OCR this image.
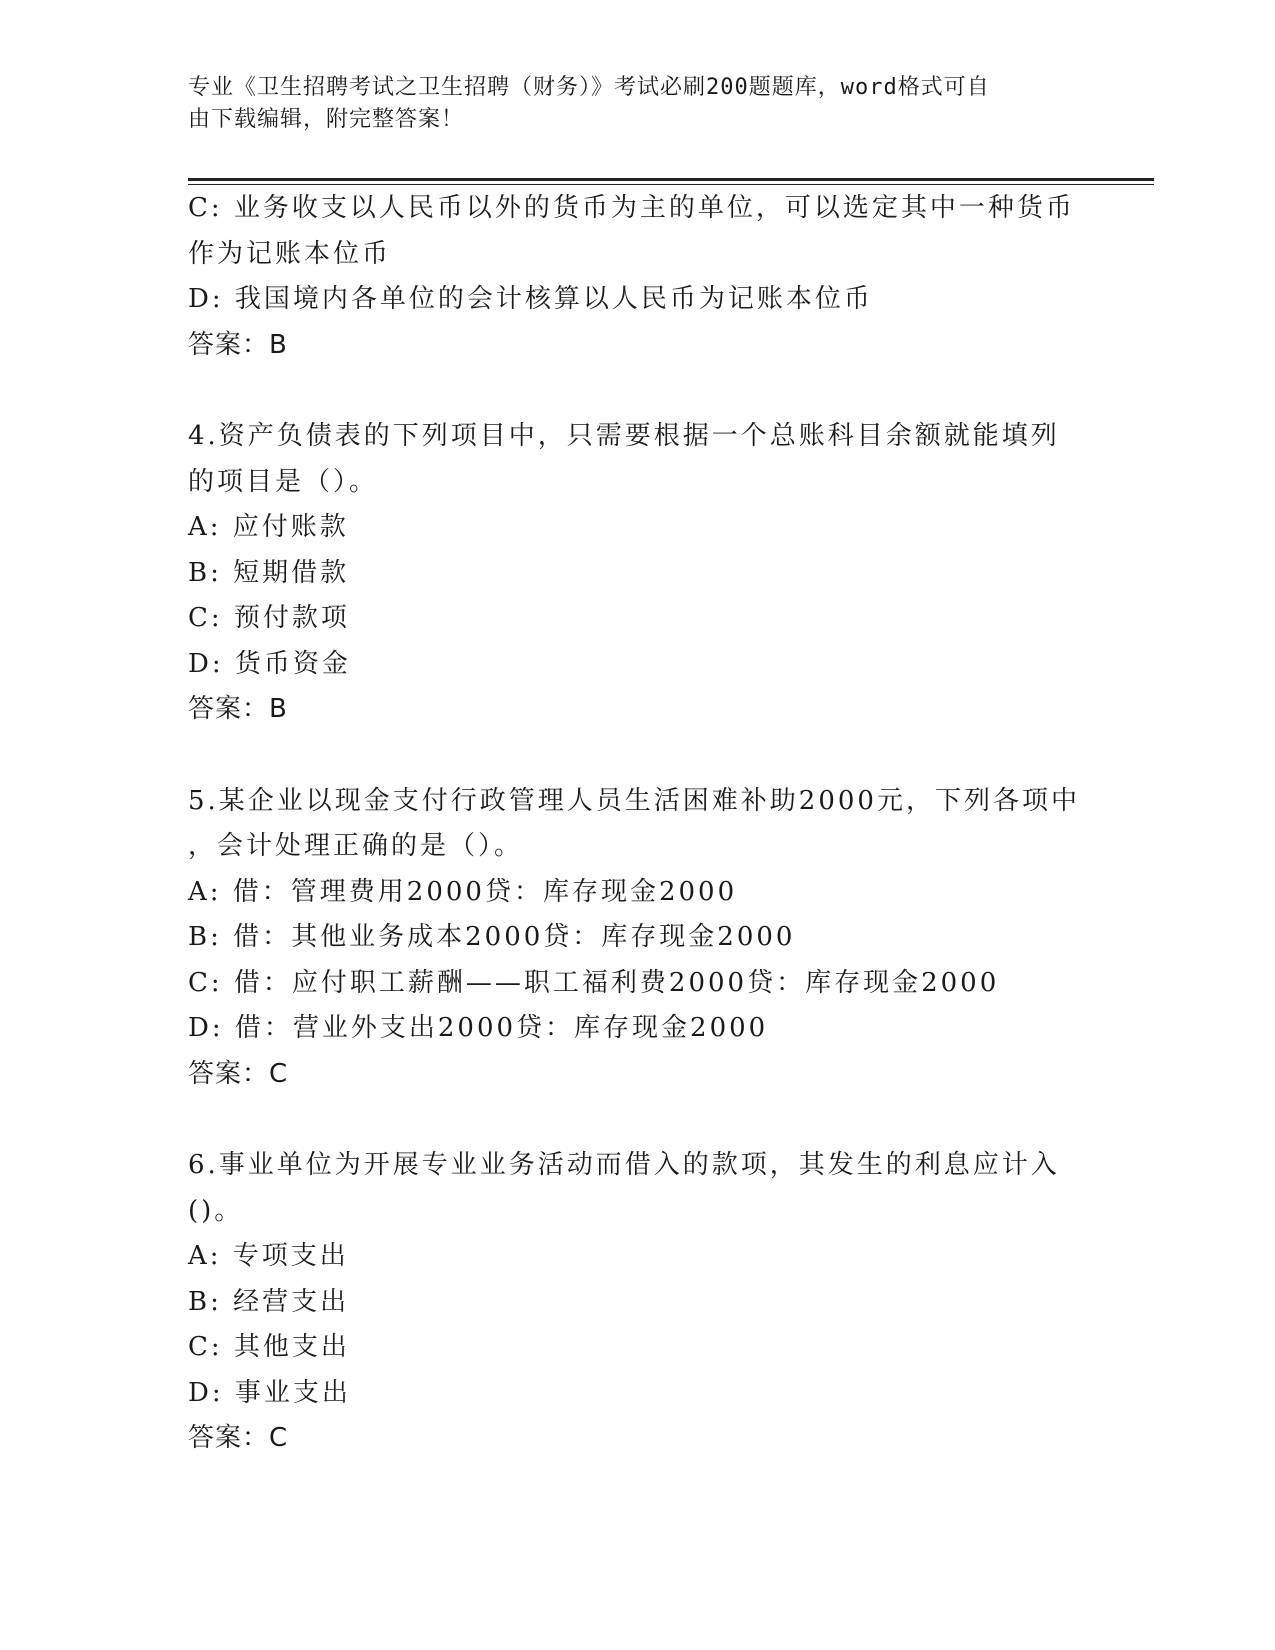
专业《卫生招聘考试之卫生招聘（财务）》考试必刷200题题库，word格式可自
由下载编辑，附完整答案！
C: 业务收支以人民币以外的货币为主的单位，可以选定其中一种货币
作为记账本位币
D: 我国境内各单位的会计核算以人民币为记账本位币
答案：B
4.资产负债表的下列项目中，只需要根据一个总账科目余额就能填列
的项目是（）。
A: 应付账款
B: 短期借款
C: 预付款项
D: 货币资金
答案：B
5.某企业以现金支付行政管理人员生活困难补助2000元，下列各项中
，会计处理正确的是（）。
A: 借：管理费用2000贷：库存现金2000
B: 借：其他业务成本2000贷：库存现金2000
C: 借：应付职工薪酬——职工福利费2000贷：库存现金2000
D: 借：营业外支出2000贷：库存现金2000
答案：C
6.事业单位为开展专业业务活动而借入的款项，其发生的利息应计入
()。
A: 专项支出
B: 经营支出
C: 其他支出
D: 事业支出
答案：C
